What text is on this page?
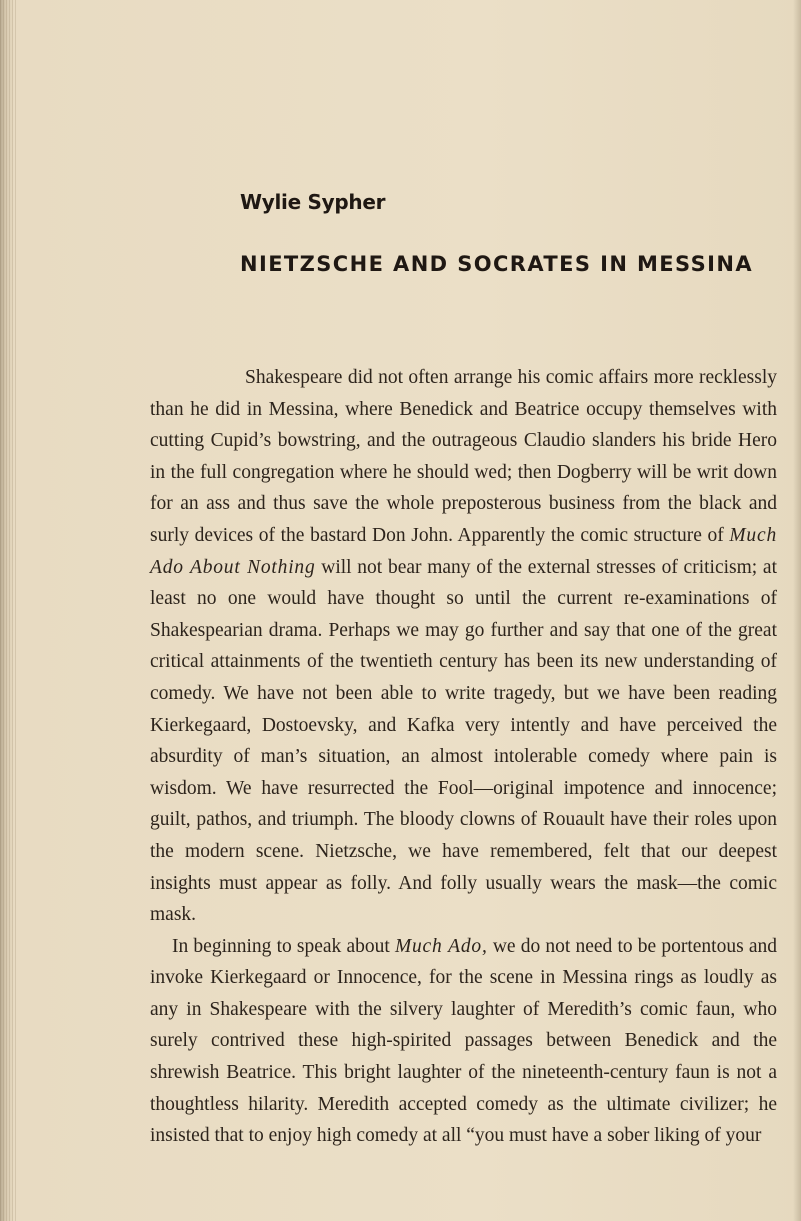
Wylie Sypher
NIETZSCHE AND SOCRATES IN MESSINA

Shakespeare did not often arrange his comic affairs more recklessly than he did in Messina, where Benedick and Beatrice occupy themselves with cutting Cupid’s bowstring, and the outrageous Claudio slanders his bride Hero in the full congregation where he should wed; then Dogberry will be writ down for an ass and thus save the whole preposterous business from the black and surly devices of the bastard Don John. Apparently the comic structure of Much Ado About Nothing will not bear many of the external stresses of criticism; at least no one would have thought so until the current re-examinations of Shakespearian drama. Perhaps we may go further and say that one of the great critical attainments of the twentieth century has been its new understanding of comedy. We have not been able to write tragedy, but we have been reading Kierkegaard, Dostoevsky, and Kafka very intently and have perceived the absurdity of man’s situation, an almost intolerable comedy where pain is wisdom. We have resurrected the Fool—original impotence and innocence; guilt, pathos, and triumph. The bloody clowns of Rouault have their roles upon the modern scene. Nietzsche, we have remembered, felt that our deepest insights must appear as folly. And folly usually wears the mask—the comic mask.

In beginning to speak about Much Ado, we do not need to be portentous and invoke Kierkegaard or Innocence, for the scene in Messina rings as loudly as any in Shakespeare with the silvery laughter of Meredith’s comic faun, who surely contrived these high-spirited passages between Benedick and the shrewish Beatrice. This bright laughter of the nineteenth-century faun is not a thoughtless hilarity. Meredith accepted comedy as the ultimate civilizer; he insisted that to enjoy high comedy at all “you must have a sober liking of your
